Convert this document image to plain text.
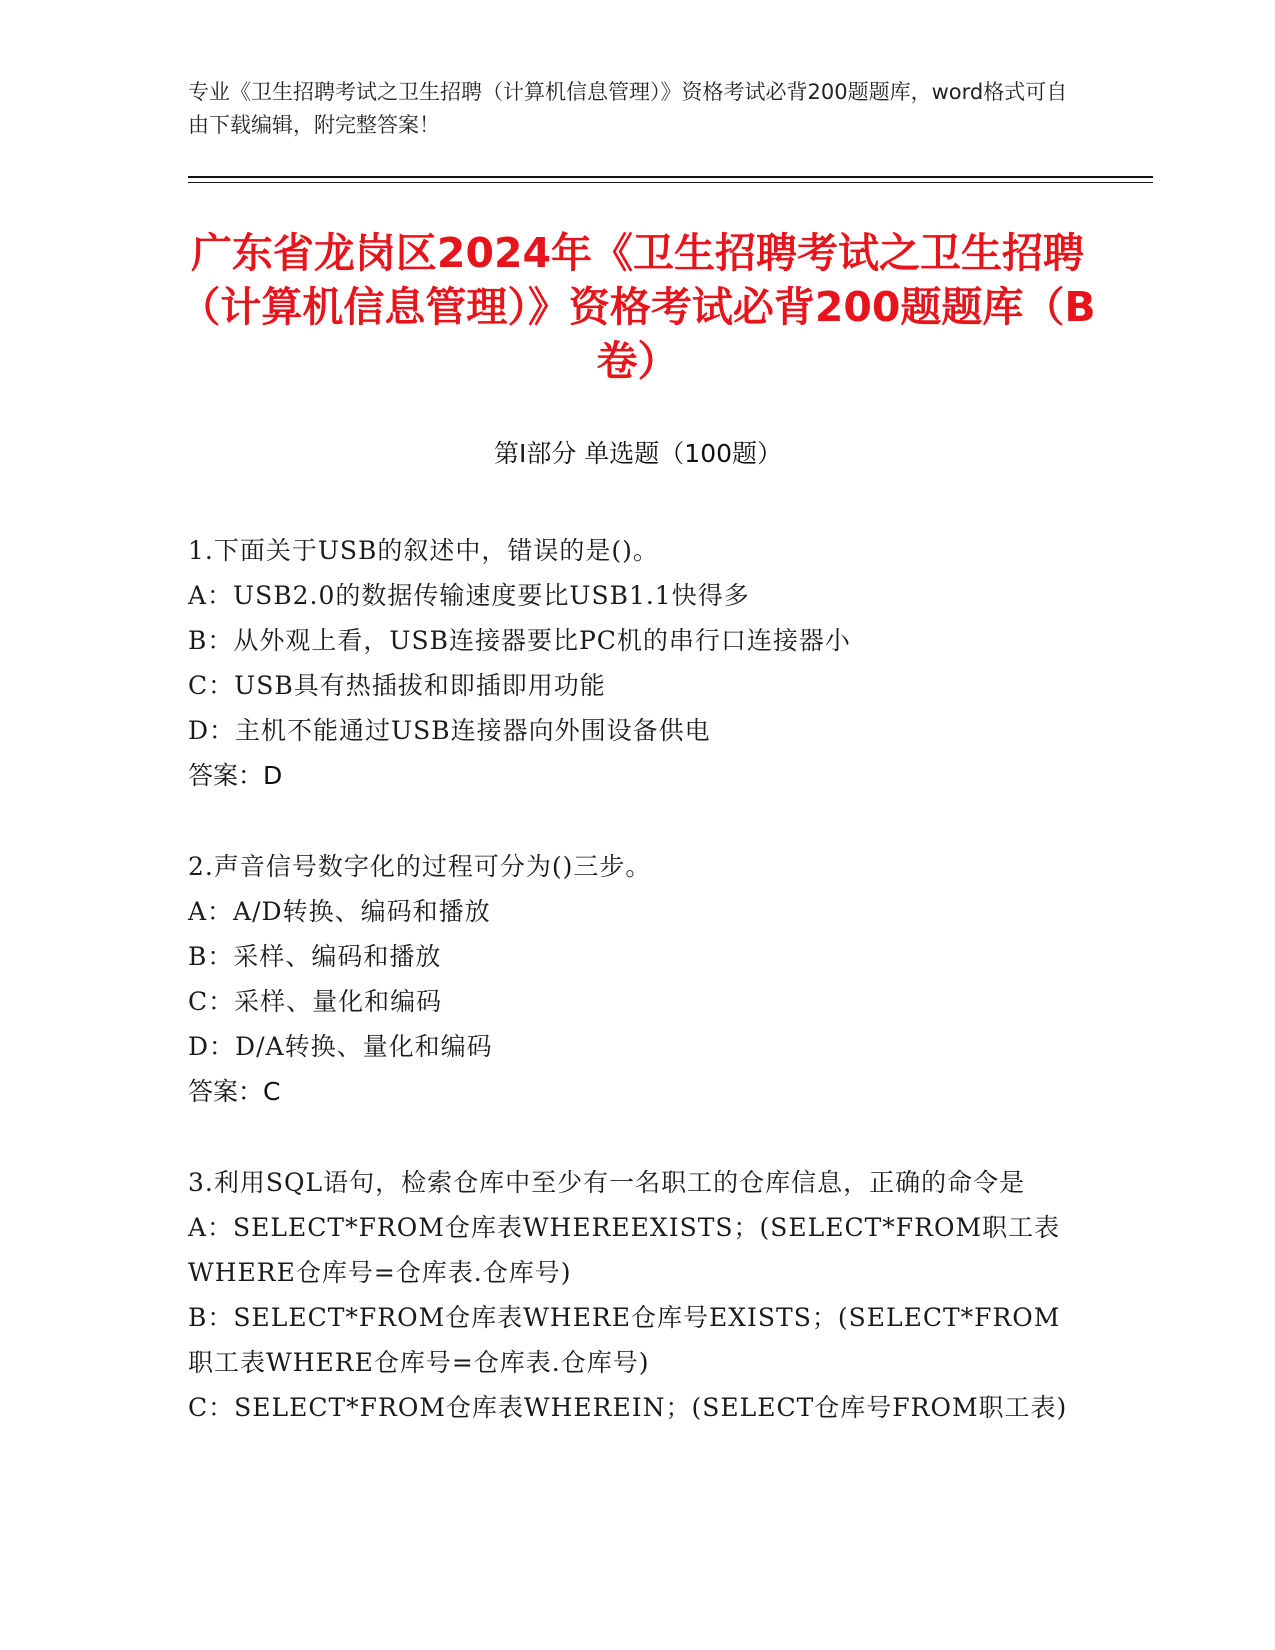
专业《卫生招聘考试之卫生招聘（计算机信息管理）》资格考试必背200题题库，word格式可自由下载编辑，附完整答案！
广东省龙岗区2024年《卫生招聘考试之卫生招聘（计算机信息管理）》资格考试必背200题题库（B卷）
第Ⅰ部分 单选题（100题）
1.下面关于USB的叙述中，错误的是()。
A：USB2.0的数据传输速度要比USB1.1快得多
B：从外观上看，USB连接器要比PC机的串行口连接器小
C：USB具有热插拔和即插即用功能
D：主机不能通过USB连接器向外围设备供电
答案：D
2.声音信号数字化的过程可分为()三步。
A：A/D转换、编码和播放
B：采样、编码和播放
C：采样、量化和编码
D：D/A转换、量化和编码
答案：C
3.利用SQL语句，检索仓库中至少有一名职工的仓库信息，正确的命令是
A：SELECT*FROM仓库表WHEREEXISTS；(SELECT*FROM职工表WHERE仓库号=仓库表.仓库号)
B：SELECT*FROM仓库表WHERE仓库号EXISTS；(SELECT*FROM职工表WHERE仓库号=仓库表.仓库号)
C：SELECT*FROM仓库表WHEREIN；(SELECT仓库号FROM职工表)
